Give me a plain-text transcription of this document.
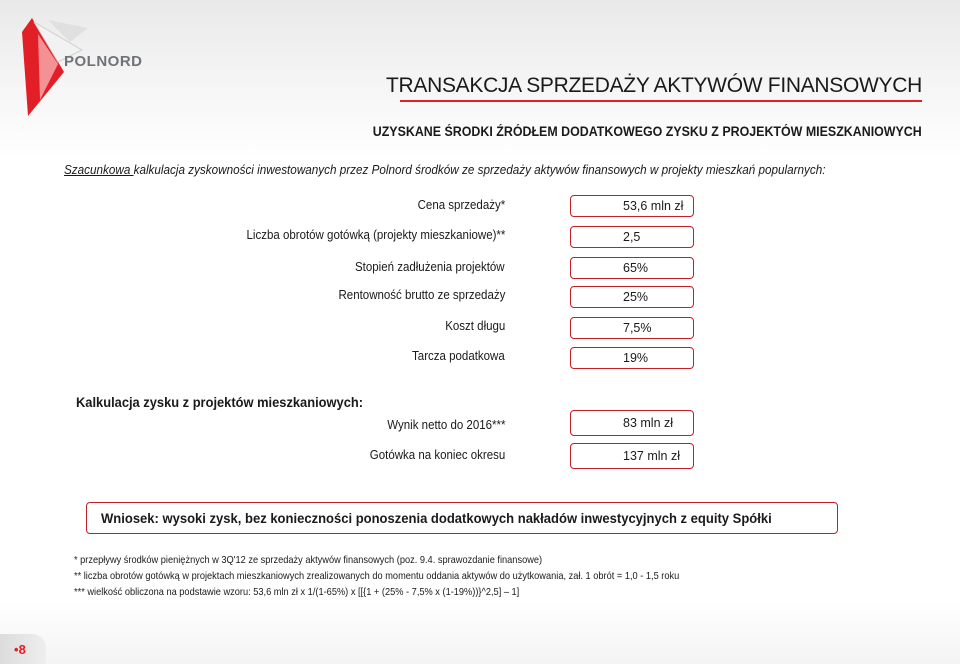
POLNORD
TRANSAKCJA SPRZEDAŻY AKTYWÓW FINANSOWYCH
UZYSKANE ŚRODKI ŹRÓDŁEM DODATKOWEGO ZYSKU Z PROJEKTÓW MIESZKANIOWYCH
Szacunkowa kalkulacja zyskowności inwestowanych przez Polnord środków ze sprzedaży aktywów finansowych w projekty mieszkań popularnych:
Cena sprzedaży*	53,6 mln zł
Liczba obrotów gotówką (projekty mieszkaniowe)**	2,5
Stopień zadłużenia projektów	65%
Rentowność brutto ze sprzedaży	25%
Koszt długu	7,5%
Tarcza podatkowa	19%
Kalkulacja zysku z projektów mieszkaniowych:
Wynik netto do 2016***	83 mln zł
Gotówka na koniec okresu	137 mln zł
Wniosek: wysoki zysk, bez konieczności ponoszenia dodatkowych nakładów inwestycyjnych z equity Spółki
* przepływy środków pieniężnych w 3Q'12 ze sprzedaży aktywów finansowych (poz. 9.4. sprawozdanie finansowe)
** liczba obrotów gotówką w projektach mieszkaniowych zrealizowanych do momentu oddania aktywów do użytkowania, zał. 1 obrót = 1,0 - 1,5 roku
*** wielkość obliczona na podstawie wzoru: 53,6 mln zł x 1/(1-65%) x [[{1 + (25% - 7,5% x (1-19%))}^2,5] – 1]
•8
